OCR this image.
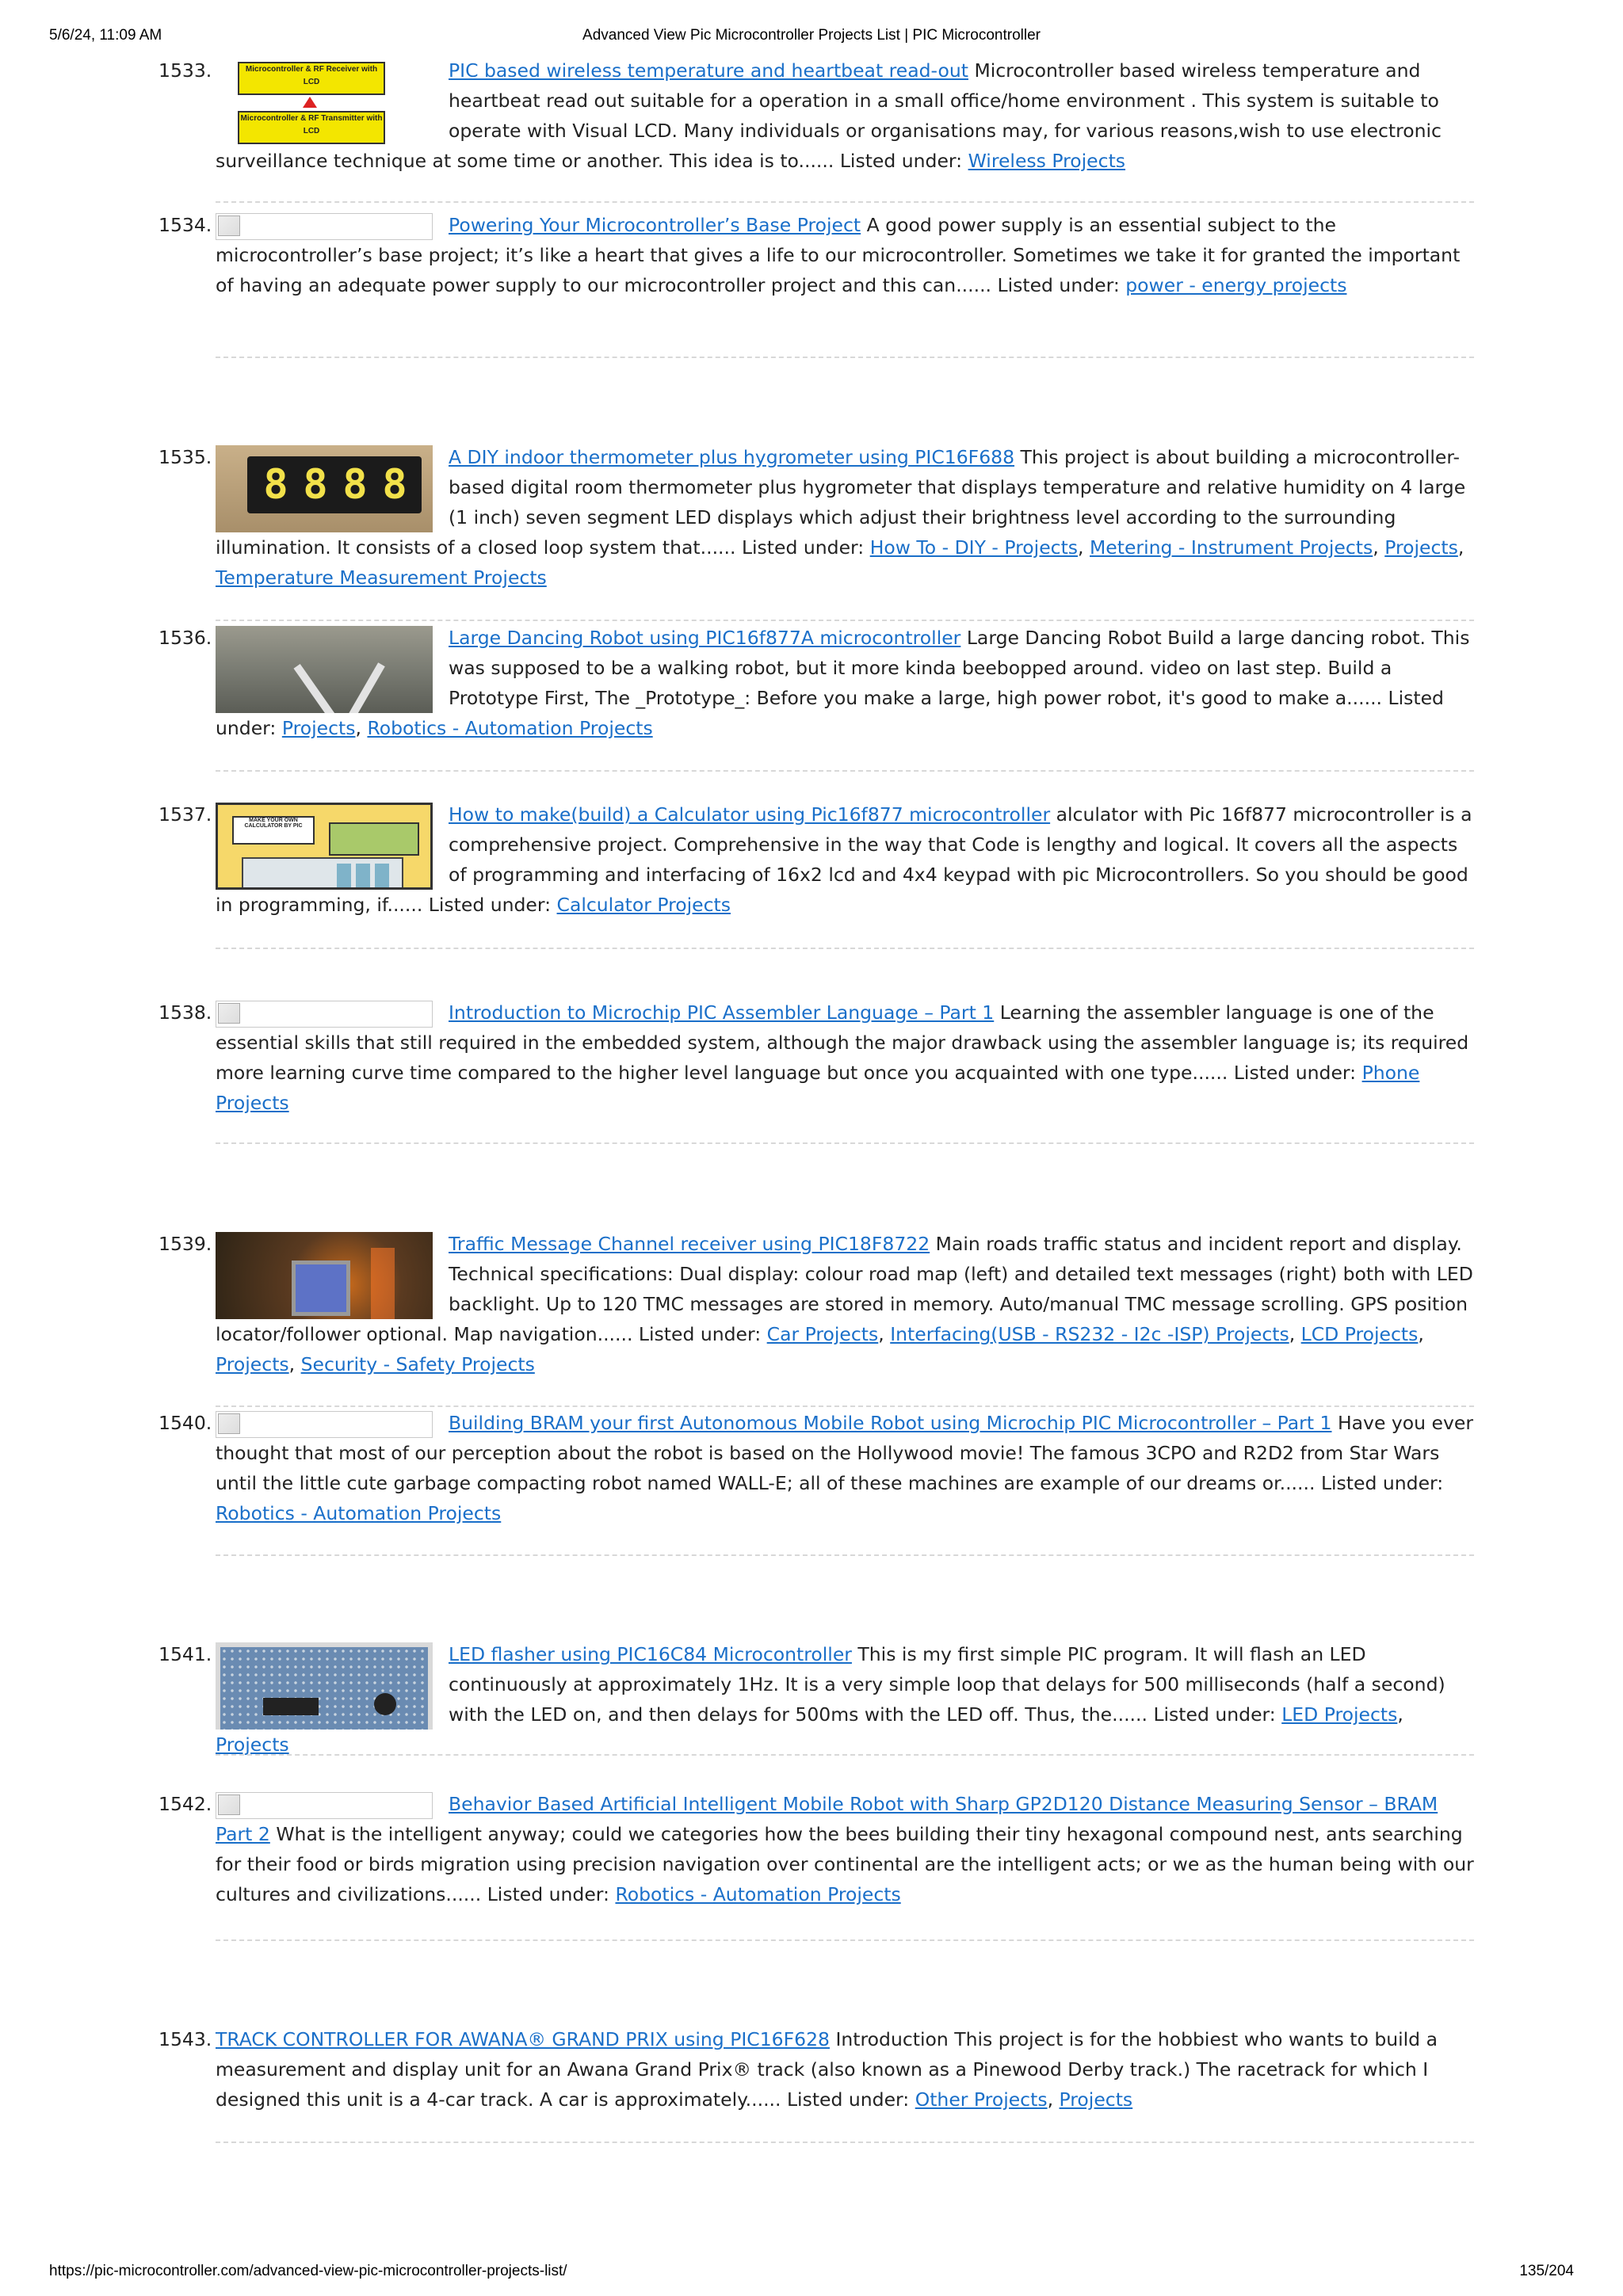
5/6/24, 11:09 AM	Advanced View Pic Microcontroller Projects List | PIC Microcontroller
1533.	Microcontroller & RF Receiver with LCD
Microcontroller & RF Transmitter with LCD
PIC based wireless temperature and heartbeat read-out Microcontroller based wireless temperature and heartbeat read out suitable for a operation in a small office/home environment . This system is suitable to operate with Visual LCD. Many individuals or organisations may, for various reasons,wish to use electronic surveillance technique at some time or another. This idea is to...... Listed under: Wireless Projects
1534.	Powering Your Microcontroller’s Base Project A good power supply is an essential subject to the microcontroller’s base project; it’s like a heart that gives a life to our microcontroller. Sometimes we take it for granted the important of having an adequate power supply to our microcontroller project and this can...... Listed under: power - energy projects
1535.
8 8 8 8
A DIY indoor thermometer plus hygrometer using PIC16F688 This project is about building a microcontroller-based digital room thermometer plus hygrometer that displays temperature and relative humidity on 4 large (1 inch) seven segment LED displays which adjust their brightness level according to the surrounding illumination. It consists of a closed loop system that...... Listed under: How To - DIY - Projects, Metering - Instrument Projects, Projects,
Temperature Measurement Projects
1536.	Large Dancing Robot using PIC16f877A microcontroller Large Dancing Robot Build a large dancing robot. This was supposed to be a walking robot, but it more kinda beebopped around. video on last step. Build a Prototype First, The _Prototype_: Before you make a large, high power robot, it's good to make a...... Listed under: Projects, Robotics - Automation Projects
1537.	MAKE YOUR OWN CALCULATOR BY PIC
How to make(build) a Calculator using Pic16f877 microcontroller alculator with Pic 16f877 microcontroller is a comprehensive project. Comprehensive in the way that Code is lengthy and logical. It covers all the aspects of programming and interfacing of 16x2 lcd and 4x4 keypad with pic Microcontrollers. So you should be good in programming, if...... Listed under: Calculator Projects
1538.	Introduction to Microchip PIC Assembler Language – Part 1 Learning the assembler language is one of the essential skills that still required in the embedded system, although the major drawback using the assembler language is; its required more learning curve time compared to the higher level language but once you acquainted with one type...... Listed under: Phone Projects
1539.	Traffic Message Channel receiver using PIC18F8722 Main roads traffic status and incident report and display. Technical specifications: Dual display: colour road map (left) and detailed text messages (right) both with LED backlight. Up to 120 TMC messages are stored in memory. Auto/manual TMC message scrolling. GPS position locator/follower optional. Map navigation...... Listed under: Car Projects, Interfacing(USB - RS232 - I2c -ISP) Projects, LCD Projects, Projects, Security - Safety Projects
1540.	Building BRAM your first Autonomous Mobile Robot using Microchip PIC Microcontroller – Part 1 Have you ever thought that most of our perception about the robot is based on the Hollywood movie! The famous 3CPO and R2D2 from Star Wars until the little cute garbage compacting robot named WALL-E; all of these machines are example of our dreams or...... Listed under: Robotics - Automation Projects
1541.	LED flasher using PIC16C84 Microcontroller This is my first simple PIC program. It will flash an LED continuously at approximately 1Hz. It is a very simple loop that delays for 500 milliseconds (half a second) with the LED on, and then delays for 500ms with the LED off. Thus, the...... Listed under: LED Projects, Projects
1542.	Behavior Based Artificial Intelligent Mobile Robot with Sharp GP2D120 Distance Measuring Sensor – BRAM Part 2 What is the intelligent anyway; could we categories how the bees building their tiny hexagonal compound nest, ants searching for their food or birds migration using precision navigation over continental are the intelligent acts; or we as the human being with our cultures and civilizations...... Listed under: Robotics - Automation Projects
1543. TRACK CONTROLLER FOR AWANA® GRAND PRIX using PIC16F628 Introduction This project is for the hobbiest who wants to build a measurement and display unit for an Awana Grand Prix® track (also known as a Pinewood Derby track.) The racetrack for which I designed this unit is a 4-car track. A car is approximately...... Listed under: Other Projects, Projects
https://pic-microcontroller.com/advanced-view-pic-microcontroller-projects-list/	135/204
